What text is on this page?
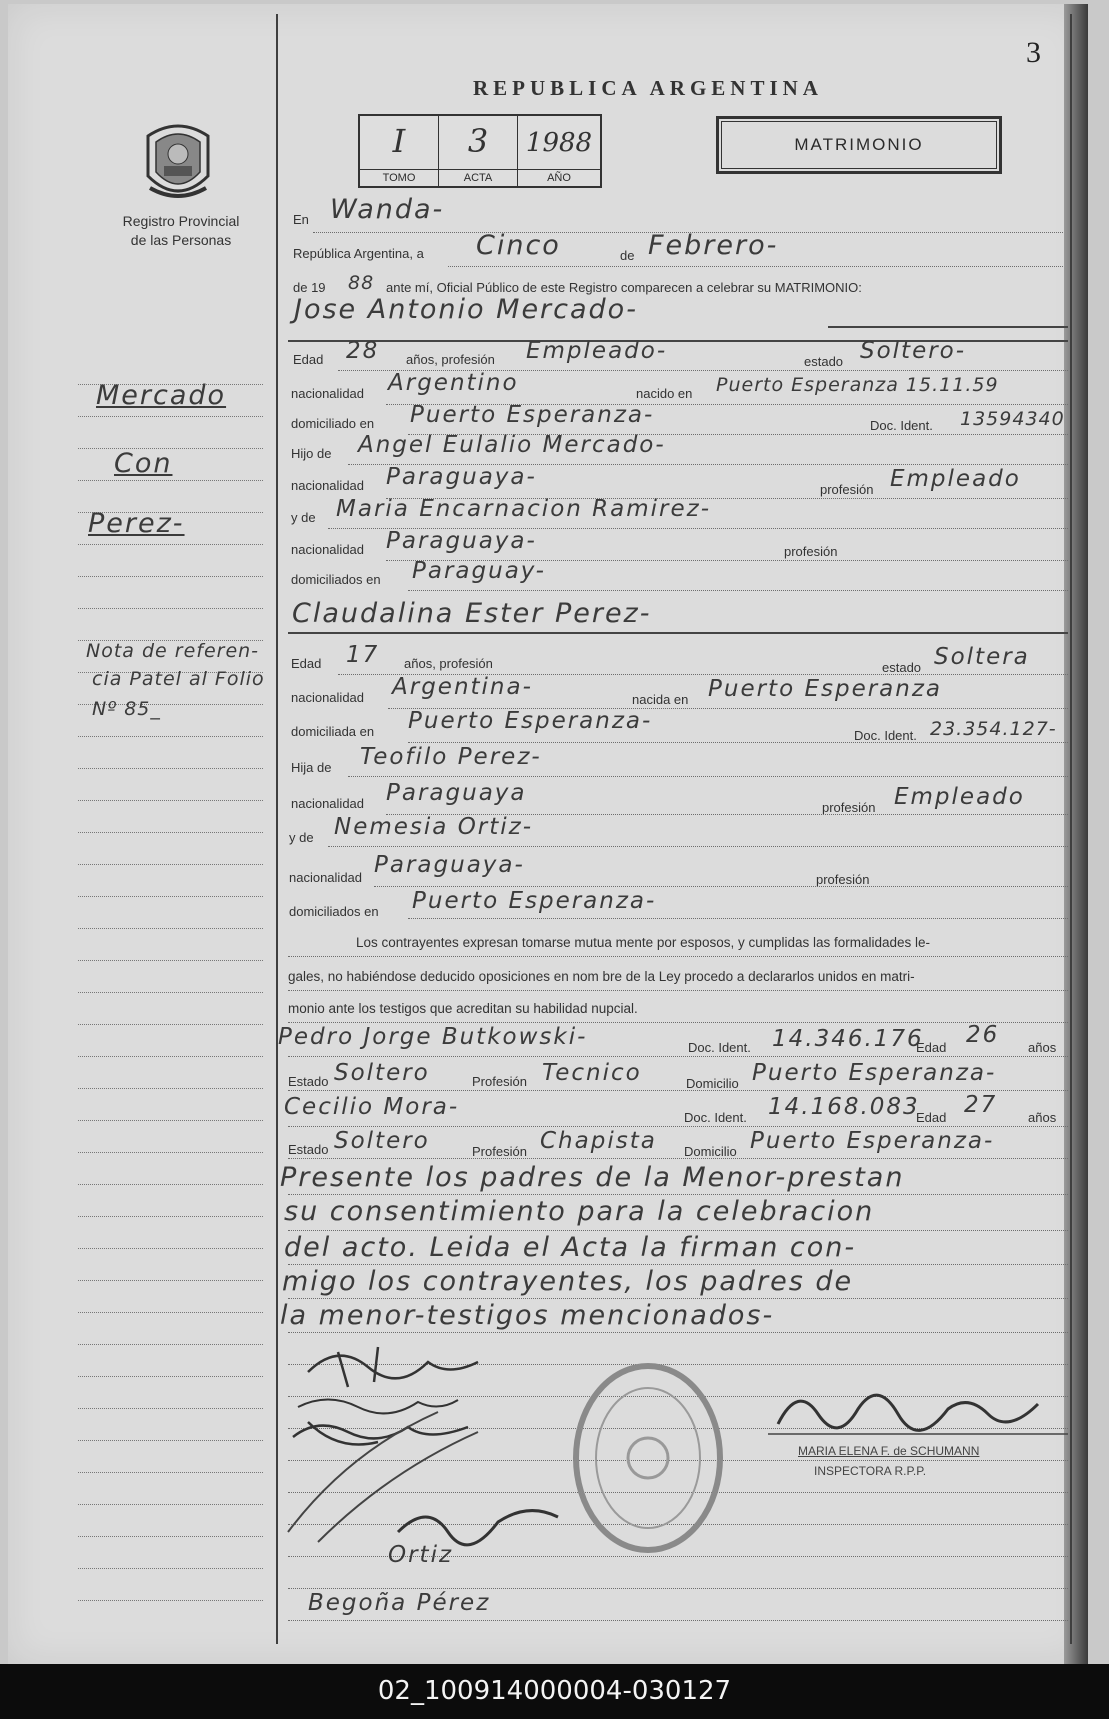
3
REPUBLICA ARGENTINA
Registro Provincial
de las Personas
I
TOMO
3
ACTA
1988
AÑO
MATRIMONIO
Mercado
Con
Perez-
Nota de referen-
cia Patel al Folio
Nº 85_
En Wanda-
República Argentina, a Cinco	de Febrero-
de 19 88 ante mí, Oficial Público de este Registro comparecen a celebrar su MATRIMONIO:
Jose Antonio Mercado-
Edad 28 años, profesión Empleado-	estado Soltero-
nacionalidad Argentino	nacido en Puerto Esperanza 15.11.59
domiciliado en Puerto Esperanza-	Doc. Ident. 13594340
Hijo de Angel Eulalio Mercado-
nacionalidad Paraguaya-	profesión Empleado
y de Maria Encarnacion Ramirez-
nacionalidad Paraguaya-	profesión
domiciliados en Paraguay-
Claudalina Ester Perez-
Edad 17 años, profesión	estado Soltera
nacionalidad Argentina-	nacida en Puerto Esperanza
domiciliada en Puerto Esperanza-
Doc. Ident. 23.354.127-
Hija de Teofilo Perez-
nacionalidad Paraguaya
profesión Empleado
y de Nemesia Ortiz-
nacionalidad Paraguaya-
profesión
domiciliados en Puerto Esperanza-
Los contrayentes expresan tomarse mutua mente por esposos, y cumplidas las formalidades le-
gales, no habiéndose deducido oposiciones en nom bre de la Ley procedo a declararlos unidos en matri-
monio ante los testigos que acreditan su habilidad nupcial.
Pedro Jorge Butkowski-	Doc. Ident. 14.346.176
Edad 26 años
Estado Soltero	Profesión Tecnico	Domicilio Puerto Esperanza-
Cecilio Mora-	Doc. Ident. 14.168.083
Edad 27 años
Estado Soltero	Profesión Chapista Domicilio Puerto Esperanza-
Presente los padres de la Menor-prestan
su consentimiento para la celebracion
del acto. Leida el Acta la firman con-
migo los contrayentes, los padres de
la menor-testigos mencionados-
Ortiz
Begoña Pérez
MARIA ELENA F. de SCHUMANN
INSPECTORA R.P.P.
02_100914000004-030127
